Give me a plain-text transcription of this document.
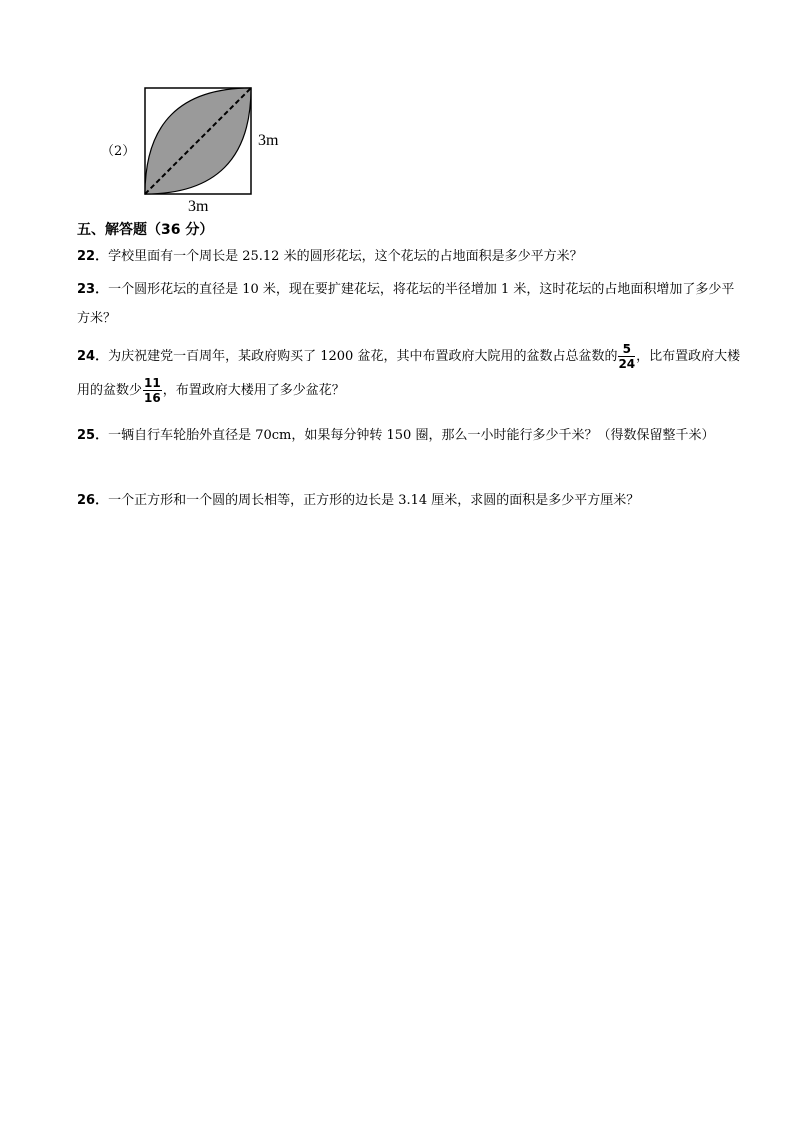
（2）
3m
3m
五、解答题（36 分）
22．学校里面有一个周长是 25.12 米的圆形花坛，这个花坛的占地面积是多少平方米？
23．一个圆形花坛的直径是 10 米，现在要扩建花坛，将花坛的半径增加 1 米，这时花坛的占地面积增加了多少平方米？
24．为庆祝建党一百周年，某政府购买了 1200 盆花，其中布置政府大院用的盆数占总盆数的 $\frac{5}{24}$ ，比布置政府大楼用的盆数少 $\frac{11}{16}$ ，布置政府大楼用了多少盆花？
25．一辆自行车轮胎外直径是 70cm，如果每分钟转 150 圈，那么一小时能行多少千米？（得数保留整千米）
26．一个正方形和一个圆的周长相等，正方形的边长是 3.14 厘米，求圆的面积是多少平方厘米？
